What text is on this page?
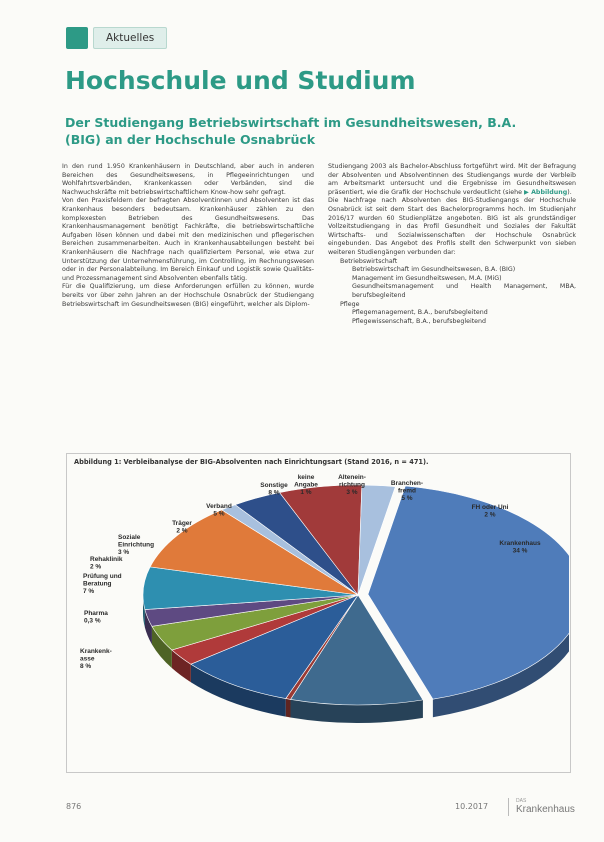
Aktuelles
Hochschule und Studium
Der Studiengang Betriebswirtschaft im Gesundheitswesen, B.A. (BIG) an der Hochschule Osnabrück

In den rund 1.950 Krankenhäusern in Deutschland, aber auch in anderen Bereichen des Gesundheitswesens, in Pflegeeinrichtungen und Wohlfahrtsverbänden, Krankenkassen oder Verbänden, sind die Nachwuchskräfte mit betriebswirtschaftlichem Know-how sehr gefragt.

Von den Praxisfeldern der befragten Absolventinnen und Absolventen ist das Krankenhaus besonders bedeutsam. Krankenhäuser zählen zu den komplexesten Betrieben des Gesundheitswesens. Das Krankenhausmanagement benötigt Fachkräfte, die betriebswirtschaftliche Aufgaben lösen können und dabei mit den medizinischen und pflegerischen Bereichen zusammenarbeiten. Auch in Krankenhausabteilungen besteht bei Krankenhäusern die Nachfrage nach qualifiziertem Personal, wie etwa zur Unterstützung der Unternehmensführung, im Controlling, im Rechnungswesen oder in der Personalabteilung. Im Bereich Einkauf und Logistik sowie Qualitäts- und Prozessmanagement sind Absolventen ebenfalls tätig.

Für die Qualifizierung, um diese Anforderungen erfüllen zu können, wurde bereits vor über zehn Jahren an der Hochschule Osnabrück der Studiengang Betriebswirtschaft im Gesundheitswesen (BIG) eingeführt, welcher als Diplom-

Studiengang 2003 als Bachelor-Abschluss fortgeführt wird. Mit der Befragung der Absolventen und Absolventinnen des Studiengangs wurde der Verbleib am Arbeitsmarkt untersucht und die Ergebnisse im Gesundheitswesen präsentiert, wie die Grafik der Hochschule verdeutlicht (siehe ▶ Abbildung).

Die Nachfrage nach Absolventen des BIG-Studiengangs der Hochschule Osnabrück ist seit dem Start des Bachelorprogramms hoch. Im Studienjahr 2016/17 wurden 60 Studienplätze angeboten. BIG ist als grundständiger Vollzeitstudiengang in das Profil Gesundheit und Soziales der Fakultät Wirtschafts- und Sozialwissenschaften der Hochschule Osnabrück eingebunden. Das Angebot des Profils stellt den Schwerpunkt von sieben weiteren Studiengängen verbunden dar:

Betriebswirtschaft

Betriebswirtschaft im Gesundheitswesen, B.A. (BIG)

Management im Gesundheitswesen, M.A. (MiG)

Gesundheitsmanagement und Health Management, MBA, berufsbegleitend

Pflege

Pflegemanagement, B.A., berufsbegleitend

Pflegewissenschaft, B.A., berufsbegleitend

Abbildung 1: Verbleibanalyse der BIG-Absolventen nach Einrichtungsart (Stand 2016, n = 471).
Krankenhaus 34 %
Krankenk-asse 8 %
Pharma 0,3 %
Prüfung und Beratung 7 %
Rehaklinik 2 %
Soziale Einrichtung 3 %
Träger 2 %
Verband 5 %
Sonstige 8 %
keine Angabe 1 %
Altenein-richtung 3 %
Branchen-fremd 5 %
FH oder Uni 2 %
876	10.2017
DAS
Krankenhaus
